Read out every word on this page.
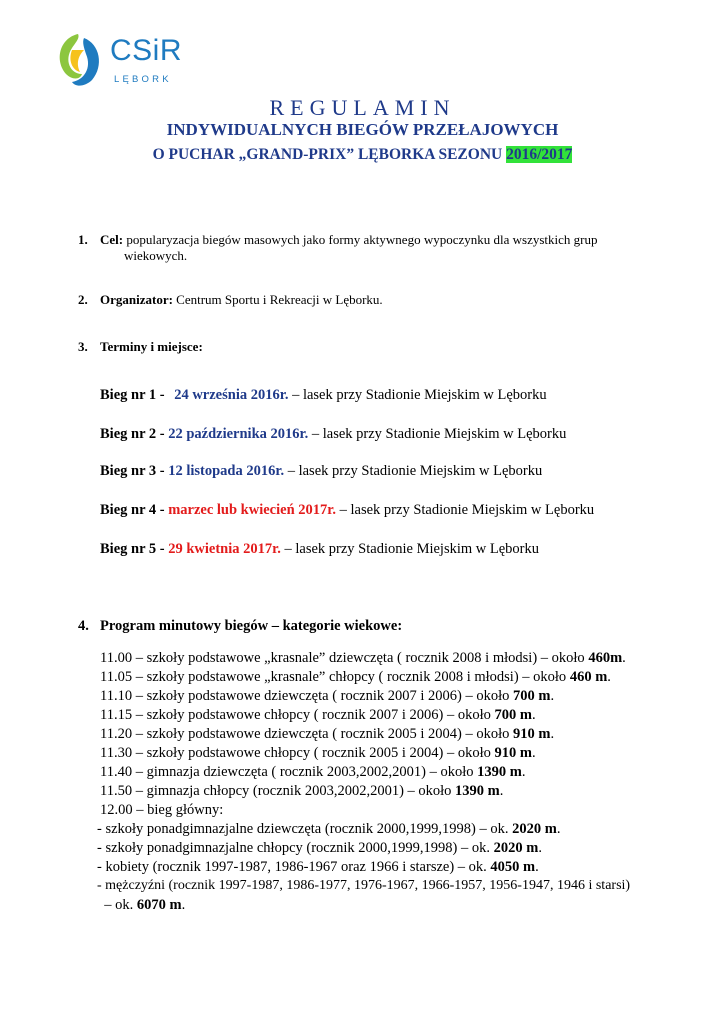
CSiR
LĘBORK
REGULAMIN
INDYWIDUALNYCH BIEGÓW PRZEŁAJOWYCH
O PUCHAR „GRAND-PRIX” LĘBORKA SEZONU 2016/2017
1. Cel: popularyzacja biegów masowych jako formy aktywnego wypoczynku dla wszystkich grup
wiekowych.
2. Organizator: Centrum Sportu i Rekreacji w Lęborku.
3. Terminy i miejsce:
Bieg nr 1 - 24 września 2016r. – lasek przy Stadionie Miejskim w Lęborku
Bieg nr 2 - 22 października 2016r. – lasek przy Stadionie Miejskim w Lęborku
Bieg nr 3 - 12 listopada 2016r. – lasek przy Stadionie Miejskim w Lęborku
Bieg nr 4 - marzec lub kwiecień 2017r. – lasek przy Stadionie Miejskim w Lęborku
Bieg nr 5 - 29 kwietnia 2017r. – lasek przy Stadionie Miejskim w Lęborku
4. Program minutowy biegów – kategorie wiekowe:
11.00 – szkoły podstawowe „krasnale” dziewczęta ( rocznik 2008 i młodsi) – około 460m.
11.05 – szkoły podstawowe „krasnale” chłopcy ( rocznik 2008 i młodsi) – około 460 m.
11.10 – szkoły podstawowe dziewczęta ( rocznik 2007 i 2006) – około 700 m.
11.15 – szkoły podstawowe chłopcy ( rocznik 2007 i 2006) – około 700 m.
11.20 – szkoły podstawowe dziewczęta ( rocznik 2005 i 2004) – około 910 m.
11.30 – szkoły podstawowe chłopcy ( rocznik 2005 i 2004) – około 910 m.
11.40 – gimnazja dziewczęta ( rocznik 2003,2002,2001) – około 1390 m.
11.50 – gimnazja chłopcy (rocznik 2003,2002,2001) – około 1390 m.
12.00 – bieg główny:
- szkoły ponadgimnazjalne dziewczęta (rocznik 2000,1999,1998) – ok. 2020 m.
- szkoły ponadgimnazjalne chłopcy (rocznik 2000,1999,1998) – ok. 2020 m.
- kobiety (rocznik 1997-1987, 1986-1967 oraz 1966 i starsze) – ok. 4050 m.
- mężczyźni (rocznik 1997-1987, 1986-1977, 1976-1967, 1966-1957, 1956-1947, 1946 i starsi)
– ok. 6070 m.
